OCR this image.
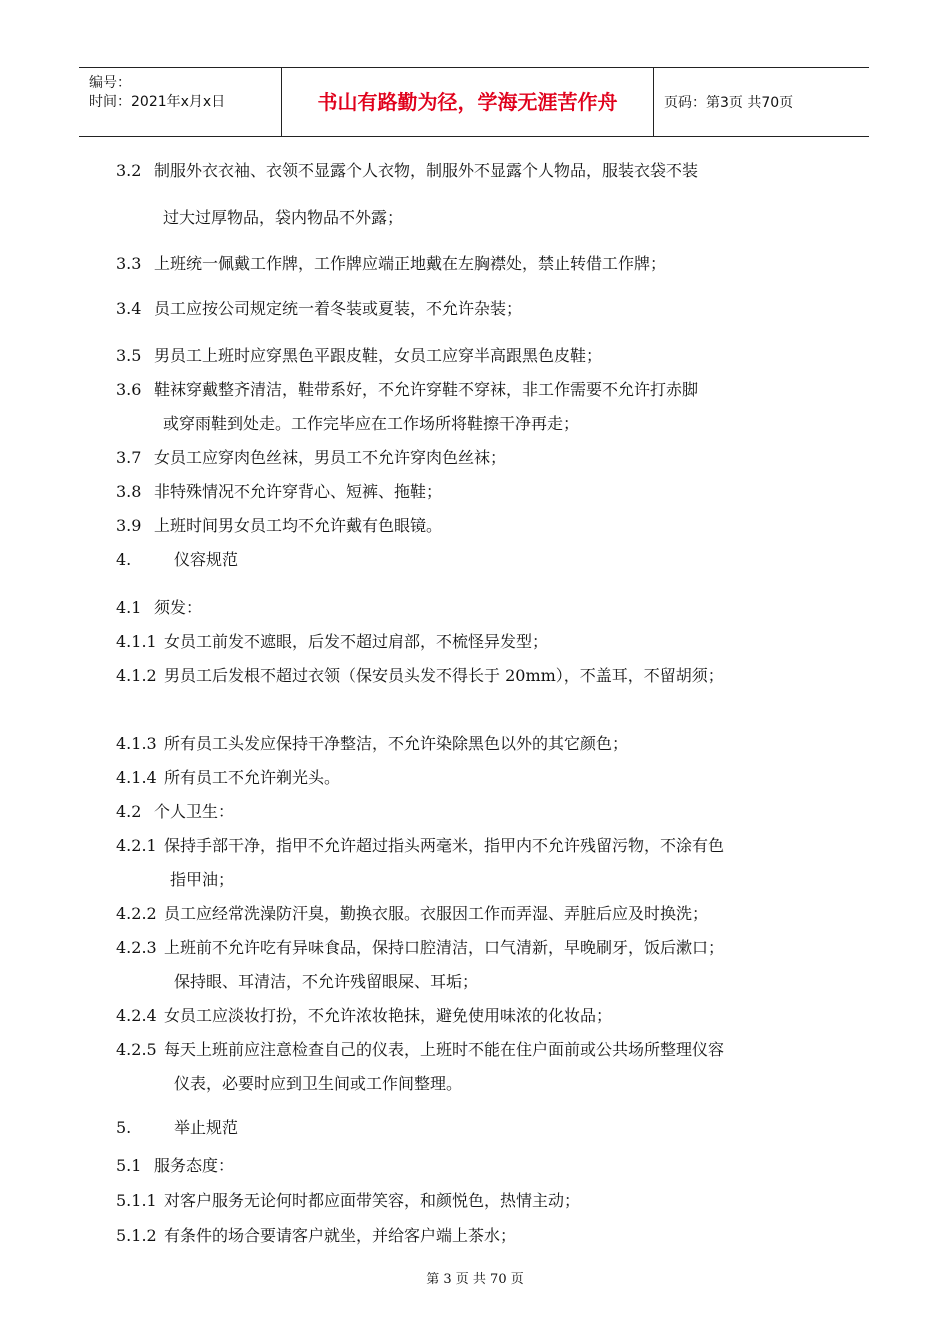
编号：
时间：2021年x月x日	书山有路勤为径，学海无涯苦作舟	页码：第3页 共70页
3.2 制服外衣衣袖、衣领不显露个人衣物，制服外不显露个人物品，服装衣袋不装
过大过厚物品，袋内物品不外露；
3.3 上班统一佩戴工作牌，工作牌应端正地戴在左胸襟处，禁止转借工作牌；
3.4 员工应按公司规定统一着冬装或夏装，不允许杂装；
3.5 男员工上班时应穿黑色平跟皮鞋，女员工应穿半高跟黑色皮鞋；
3.6 鞋袜穿戴整齐清洁，鞋带系好，不允许穿鞋不穿袜，非工作需要不允许打赤脚
或穿雨鞋到处走。工作完毕应在工作场所将鞋擦干净再走；
3.7 女员工应穿肉色丝袜，男员工不允许穿肉色丝袜；
3.8 非特殊情况不允许穿背心、短裤、拖鞋；
3.9 上班时间男女员工均不允许戴有色眼镜。
4.	仪容规范
4.1 须发：
4.1.1 女员工前发不遮眼，后发不超过肩部，不梳怪异发型；
4.1.2 男员工后发根不超过衣领（保安员头发不得长于 20mm），不盖耳，不留胡须；
4.1.3 所有员工头发应保持干净整洁，不允许染除黑色以外的其它颜色；
4.1.4 所有员工不允许剃光头。
4.2 个人卫生：
4.2.1 保持手部干净，指甲不允许超过指头两毫米，指甲内不允许残留污物，不涂有色
指甲油；
4.2.2 员工应经常洗澡防汗臭，勤换衣服。衣服因工作而弄湿、弄脏后应及时换洗；
4.2.3 上班前不允许吃有异味食品，保持口腔清洁，口气清新，早晚刷牙，饭后漱口；
保持眼、耳清洁，不允许残留眼屎、耳垢；
4.2.4 女员工应淡妆打扮，不允许浓妆艳抹，避免使用味浓的化妆品；
4.2.5 每天上班前应注意检查自己的仪表，上班时不能在住户面前或公共场所整理仪容
仪表，必要时应到卫生间或工作间整理。
5.	举止规范
5.1 服务态度：
5.1.1 对客户服务无论何时都应面带笑容，和颜悦色，热情主动；
5.1.2 有条件的场合要请客户就坐，并给客户端上茶水；
第 3 页 共 70 页
